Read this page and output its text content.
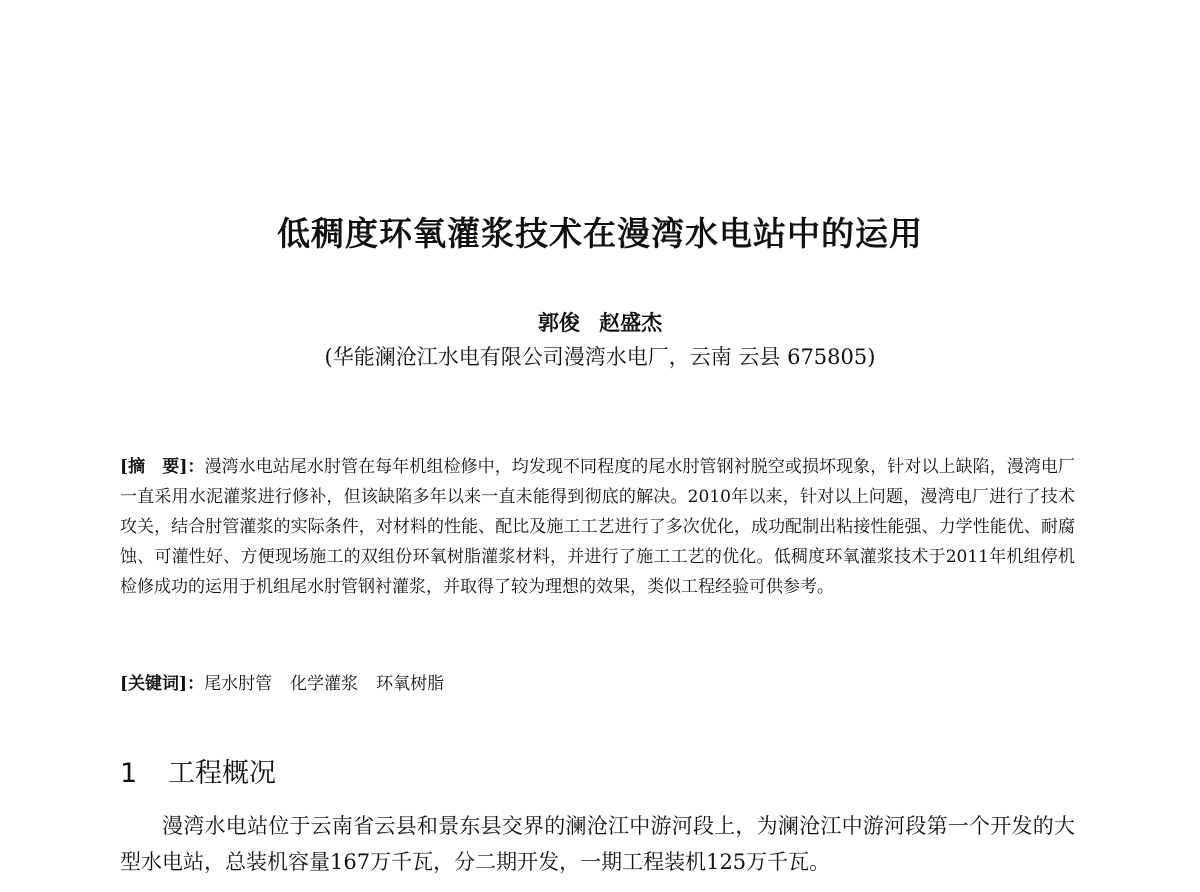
低稠度环氧灌浆技术在漫湾水电站中的运用
郭俊 赵盛杰
(华能澜沧江水电有限公司漫湾水电厂，云南 云县 675805)
[摘　要]：漫湾水电站尾水肘管在每年机组检修中，均发现不同程度的尾水肘管钢衬脱空或损坏现象，针对以上缺陷，漫湾电厂一直采用水泥灌浆进行修补，但该缺陷多年以来一直未能得到彻底的解决。2010年以来，针对以上问题，漫湾电厂进行了技术攻关，结合肘管灌浆的实际条件，对材料的性能、配比及施工工艺进行了多次优化，成功配制出粘接性能强、力学性能优、耐腐蚀、可灌性好、方便现场施工的双组份环氧树脂灌浆材料，并进行了施工工艺的优化。低稠度环氧灌浆技术于2011年机组停机检修成功的运用于机组尾水肘管钢衬灌浆，并取得了较为理想的效果，类似工程经验可供参考。
[关键词]：尾水肘管 化学灌浆 环氧树脂
1 工程概况
漫湾水电站位于云南省云县和景东县交界的澜沧江中游河段上，为澜沧江中游河段第一个开发的大型水电站，总装机容量167万千瓦，分二期开发，一期工程装机125万千瓦。
